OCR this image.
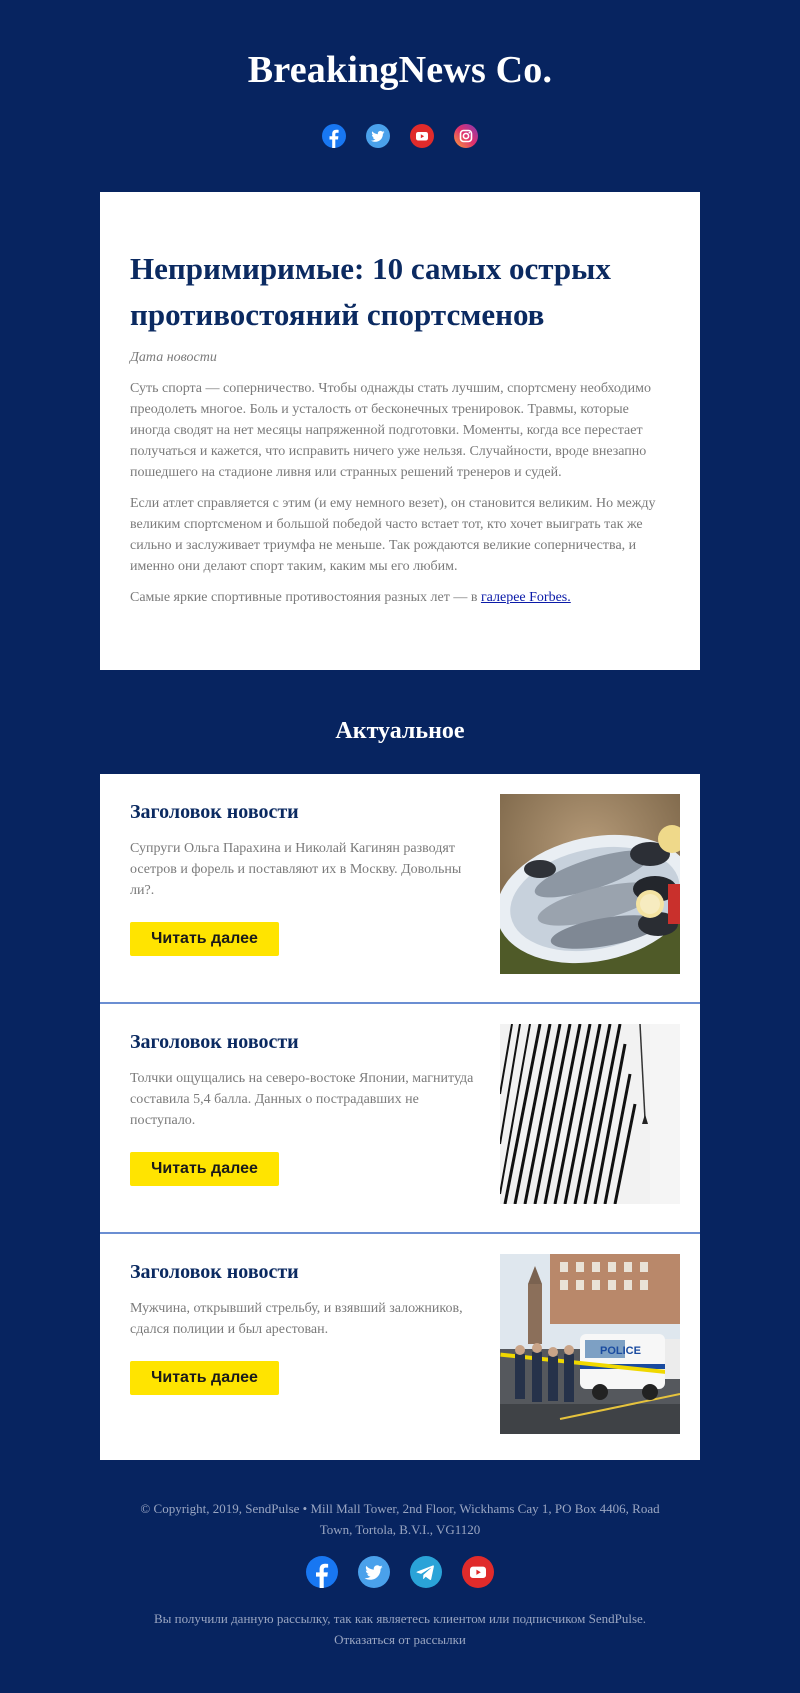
BreakingNews Co.
Непримиримые: 10 самых острых противостояний спортсменов
Дата новости

Суть спорта — соперничество. Чтобы однажды стать лучшим, спортсмену необходимо преодолеть многое. Боль и усталость от бесконечных тренировок. Травмы, которые иногда сводят на нет месяцы напряженной подготовки. Моменты, когда все перестает получаться и кажется, что исправить ничего уже нельзя. Случайности, вроде внезапно пошедшего на стадионе ливня или странных решений тренеров и судей.

Если атлет справляется с этим (и ему немного везет), он становится великим. Но между великим спортсменом и большой победой часто встает тот, кто хочет выиграть так же сильно и заслуживает триумфа не меньше. Так рождаются великие соперничества, и именно они делают спорт таким, каким мы его любим.

Самые яркие спортивные противостояния разных лет — в галерее Forbes.

Актуальное
Заголовок новости

Супруги Ольга Парахина и Николай Кагинян разводят осетров и форель и поставляют их в Москву. Довольны ли?.

Читать далее
Заголовок новости

Толчки ощущались на северо-востоке Японии, магнитуда составила 5,4 балла. Данных о пострадавших не поступало.

Читать далее
Заголовок новости

Мужчина, открывший стрельбу, и взявший заложников, сдался полиции и был арестован.

Читать далее
POLICE
© Copyright, 2019, SendPulse • Mill Mall Tower, 2nd Floor, Wickhams Cay 1, PO Box 4406, Road Town, Tortola, B.V.I., VG1120
Вы получили данную рассылку, так как являетесь клиентом или подписчиком SendPulse.
Отказаться от рассылки
